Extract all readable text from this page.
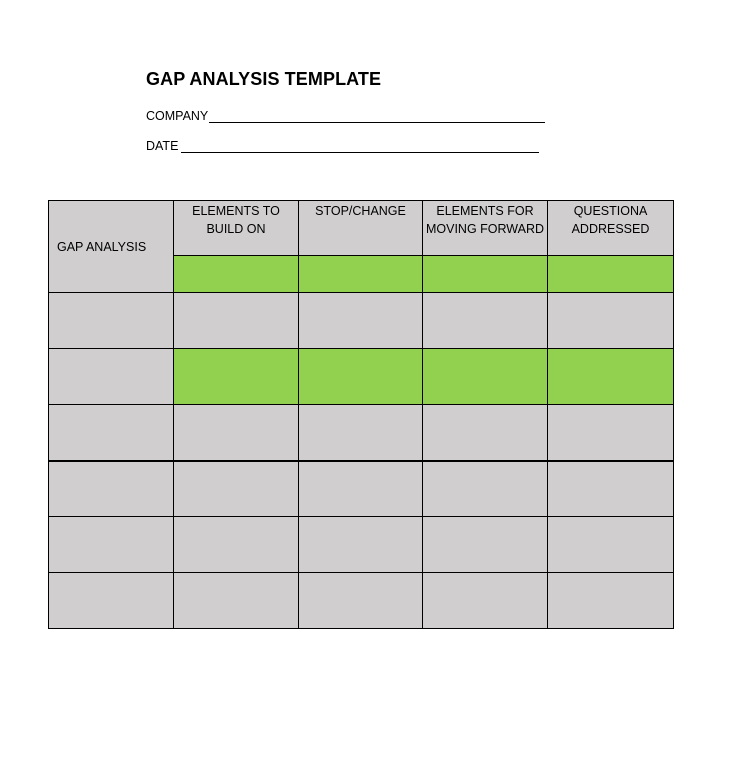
GAP ANALYSIS TEMPLATE
COMPANY
DATE
GAP ANALYSIS	ELEMENTS TO BUILD ON	STOP/CHANGE	ELEMENTS FOR MOVING FORWARD	QUESTIONA ADDRESSED
